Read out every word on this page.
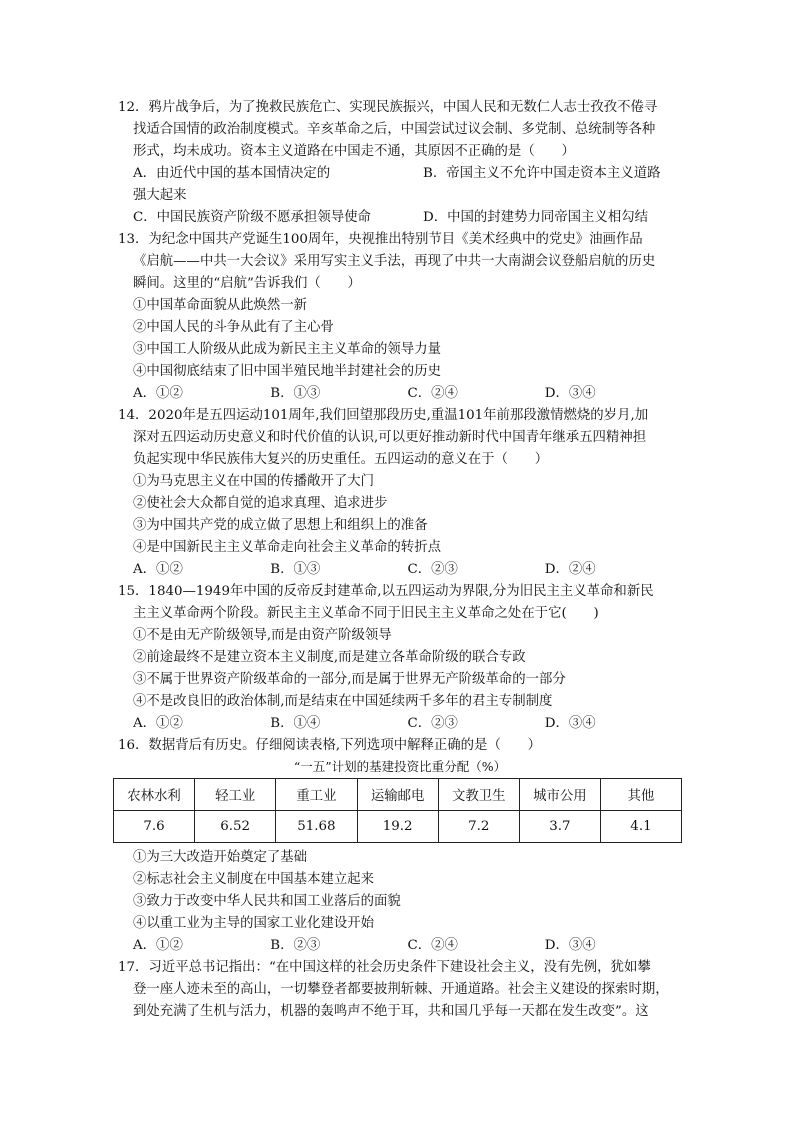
12．鸦片战争后，为了挽救民族危亡、实现民族振兴，中国人民和无数仁人志士孜孜不倦寻
找适合国情的政治制度模式。辛亥革命之后，中国尝试过议会制、多党制、总统制等各种
形式，均未成功。资本主义道路在中国走不通，其原因不正确的是（　　）
A．由近代中国的基本国情决定的	B．帝国主义不允许中国走资本主义道路
强大起来
C．中国民族资产阶级不愿承担领导使命	D．中国的封建势力同帝国主义相勾结
13．为纪念中国共产党诞生100周年，央视推出特别节目《美术经典中的党史》油画作品
《启航——中共一大会议》采用写实主义手法，再现了中共一大南湖会议登船启航的历史
瞬间。这里的“启航”告诉我们（　　）
①中国革命面貌从此焕然一新
②中国人民的斗争从此有了主心骨
③中国工人阶级从此成为新民主主义革命的领导力量
④中国彻底结束了旧中国半殖民地半封建社会的历史
A．①②	B．①③	C．②④	D．③④
14．2020年是五四运动101周年,我们回望那段历史,重温101年前那段激情燃烧的岁月,加
深对五四运动历史意义和时代价值的认识,可以更好推动新时代中国青年继承五四精神担
负起实现中华民族伟大复兴的历史重任。五四运动的意义在于（　　）
①为马克思主义在中国的传播敞开了大门
②使社会大众都自觉的追求真理、追求进步
③为中国共产党的成立做了思想上和组织上的准备
④是中国新民主主义革命走向社会主义革命的转折点
A．①②	B．①③	C．②③	D．②④
15．1840—1949年中国的反帝反封建革命,以五四运动为界限,分为旧民主主义革命和新民
主主义革命两个阶段。新民主主义革命不同于旧民主主义革命之处在于它(　　)
①不是由无产阶级领导,而是由资产阶级领导
②前途最终不是建立资本主义制度,而是建立各革命阶级的联合专政
③不属于世界资产阶级革命的一部分,而是属于世界无产阶级革命的一部分
④不是改良旧的政治体制,而是结束在中国延续两千多年的君主专制制度
A．①②	B．①④	C．②③	D．③④
16．数据背后有历史。仔细阅读表格,下列选项中解释正确的是（　　）
“一五”计划的基建投资比重分配（%）
农林水利	轻工业	重工业	运输邮电	文教卫生	城市公用	其他
7.6	6.52	51.68	19.2	7.2	3.7	4.1
①为三大改造开始奠定了基础
②标志社会主义制度在中国基本建立起来
③致力于改变中华人民共和国工业落后的面貌
④以重工业为主导的国家工业化建设开始
A．①②	B．②③	C．②④	D．③④
17．习近平总书记指出：“在中国这样的社会历史条件下建设社会主义，没有先例，犹如攀
登一座人迹未至的高山，一切攀登者都要披荆斩棘、开通道路。社会主义建设的探索时期，
到处充满了生机与活力，机器的轰鸣声不绝于耳，共和国几乎每一天都在发生改变”。这
